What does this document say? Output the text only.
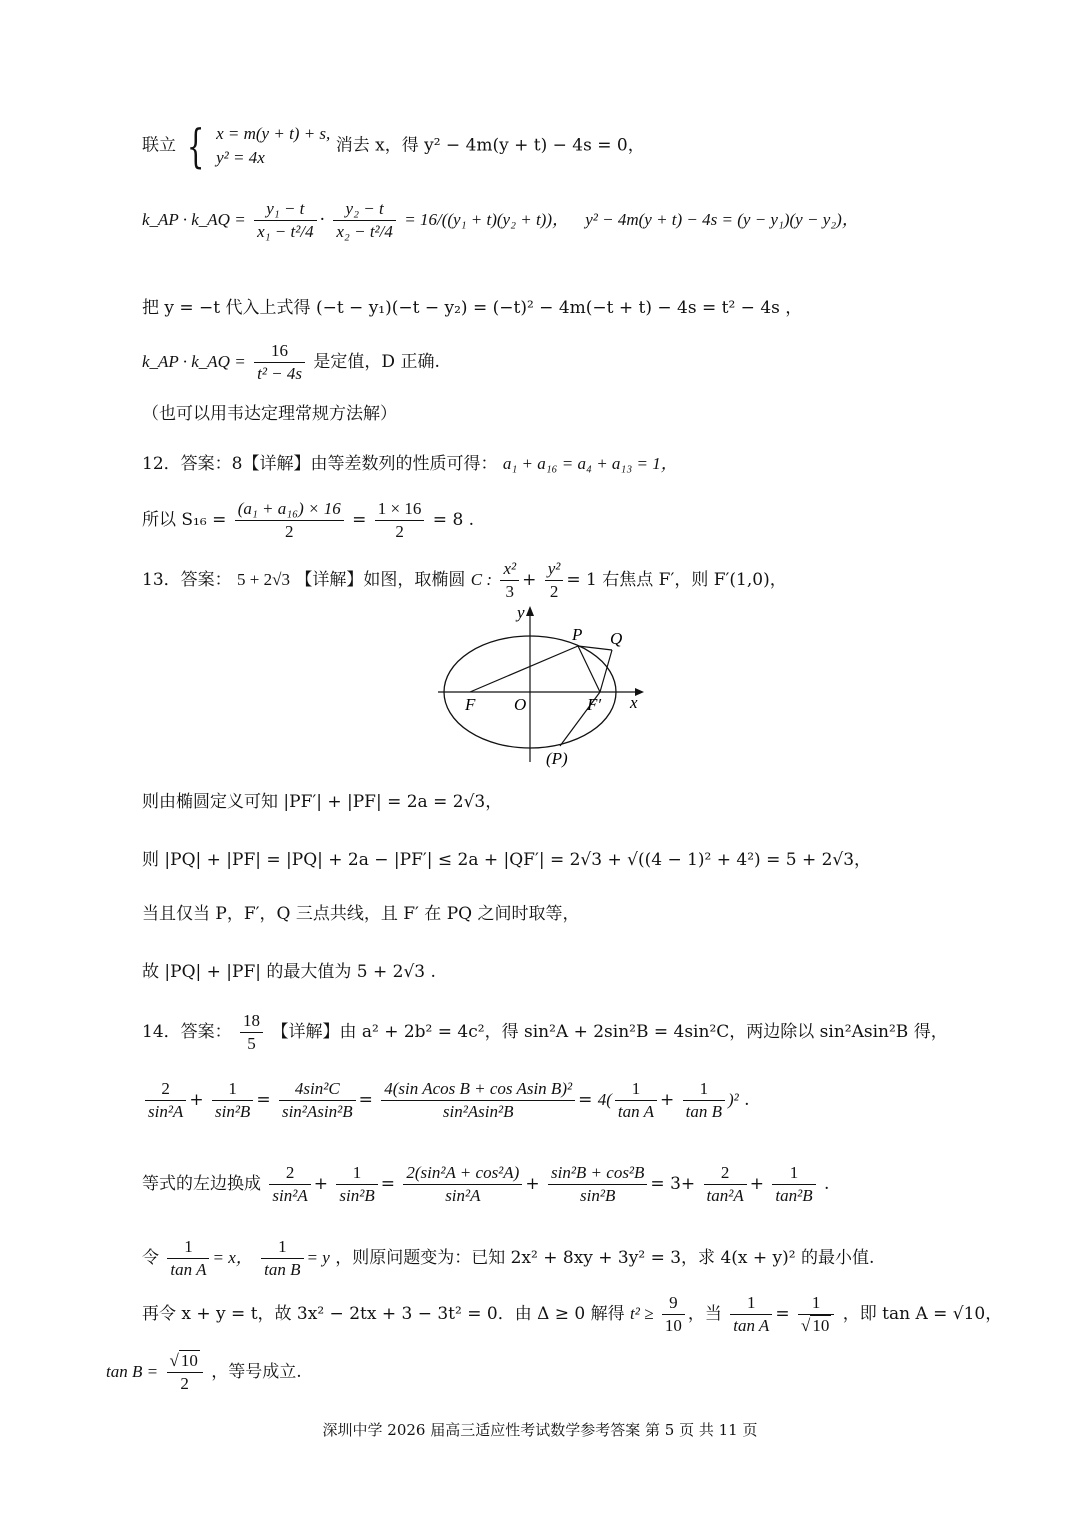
联立 { x = m(y + t) + s,
y² = 4x
消去 x，得 y² − 4m(y + t) − 4s = 0，
k_AP · k_AQ = $\frac{\text{y₁ − t}}{\text{x₁ − t²/4}} \cdot \frac{\text{y₂ − t}}{\text{x₂ − t²/4}} = 16/((y_1 + t)(y_2 + t))$， y² − 4m(y + t) − 4s = (y − y₁)(y − y₂)，
把 y = −t 代入上式得 (−t − y₁)(−t − y₂) = (−t)² − 4m(−t + t) − 4s = t² − 4s ，
k_AP · k_AQ = $\frac{16}{\text{t² − 4s}}$ 是定值，D 正确.
（也可以用韦达定理常规方法解）
12．答案：8【详解】由等差数列的性质可得： a₁ + a₁₆ = a₄ + a₁₃ = 1，
所以 $S_{16} = \frac{\text{(a₁ + a₁₆) × 16}}{2} = \frac{1 \times 16}{2} = 8$ .
13．答案： 5 + 2√3 【详解】如图，取椭圆 C : $\frac{\text{x²}}{3} + \frac{\text{y²}}{2} = 1$ 右焦点 F′，则 F′(1,0)，
y
P Q
F O	F′ x
(P)
则由椭圆定义可知 |PF′| + |PF| = 2a = 2√3，
则 |PQ| + |PF| = |PQ| + 2a − |PF′| ≤ 2a + |QF′| = 2√3 + √((4 − 1)² + 4²) = 5 + 2√3，
当且仅当 P，F′，Q 三点共线，且 F′ 在 PQ 之间时取等，
故 |PQ| + |PF| 的最大值为 5 + 2√3 .
14．答案： $\frac{18}{5}$ 【详解】由 a² + 2b² = 4c²，得 sin²A + 2sin²B = 4sin²C，两边除以 sin²Asin²B 得，
$\frac{2}{\text{sin²A}} + \frac{1}{\text{sin²B}} = \frac{\text{4sin²C}}{\text{sin²Asin²B}} = \frac{\text{4(sin Acos B + cos Asin B)²}}{\text{sin²Asin²B}} = 4( \frac{1}{\text{tan A}} + \frac{1}{\text{tan B}} )^2$ .
等式的左边换成 $\frac{2}{\text{sin²A}} + \frac{1}{\text{sin²B}} = \frac{\text{2(sin²A + cos²A)}}{\text{sin²A}} + \frac{\text{sin²B + cos²B}}{\text{sin²B}} = 3+ \frac{2}{\text{tan²A}} + \frac{1}{\text{tan²B}}$ .
令 $\frac{1}{\text{tan A}} = x$， $\frac{1}{\text{tan B}} = y$ ，则原问题变为：已知 2x² + 8xy + 3y² = 3，求 4(x + y)² 的最小值.
再令 x + y = t，故 3x² − 2tx + 3 − 3t² = 0．由 Δ ≥ 0 解得 $t^2 \ge \frac{9}{10}$ ，当 $\frac{1}{\text{tan A}} = \frac{1}{√ 10}$ ，即 tan A = √10，
$\tan B = \frac{√ 10}{2}$ ，等号成立.
深圳中学 2026 届高三适应性考试数学参考答案 第 5 页 共 11 页
